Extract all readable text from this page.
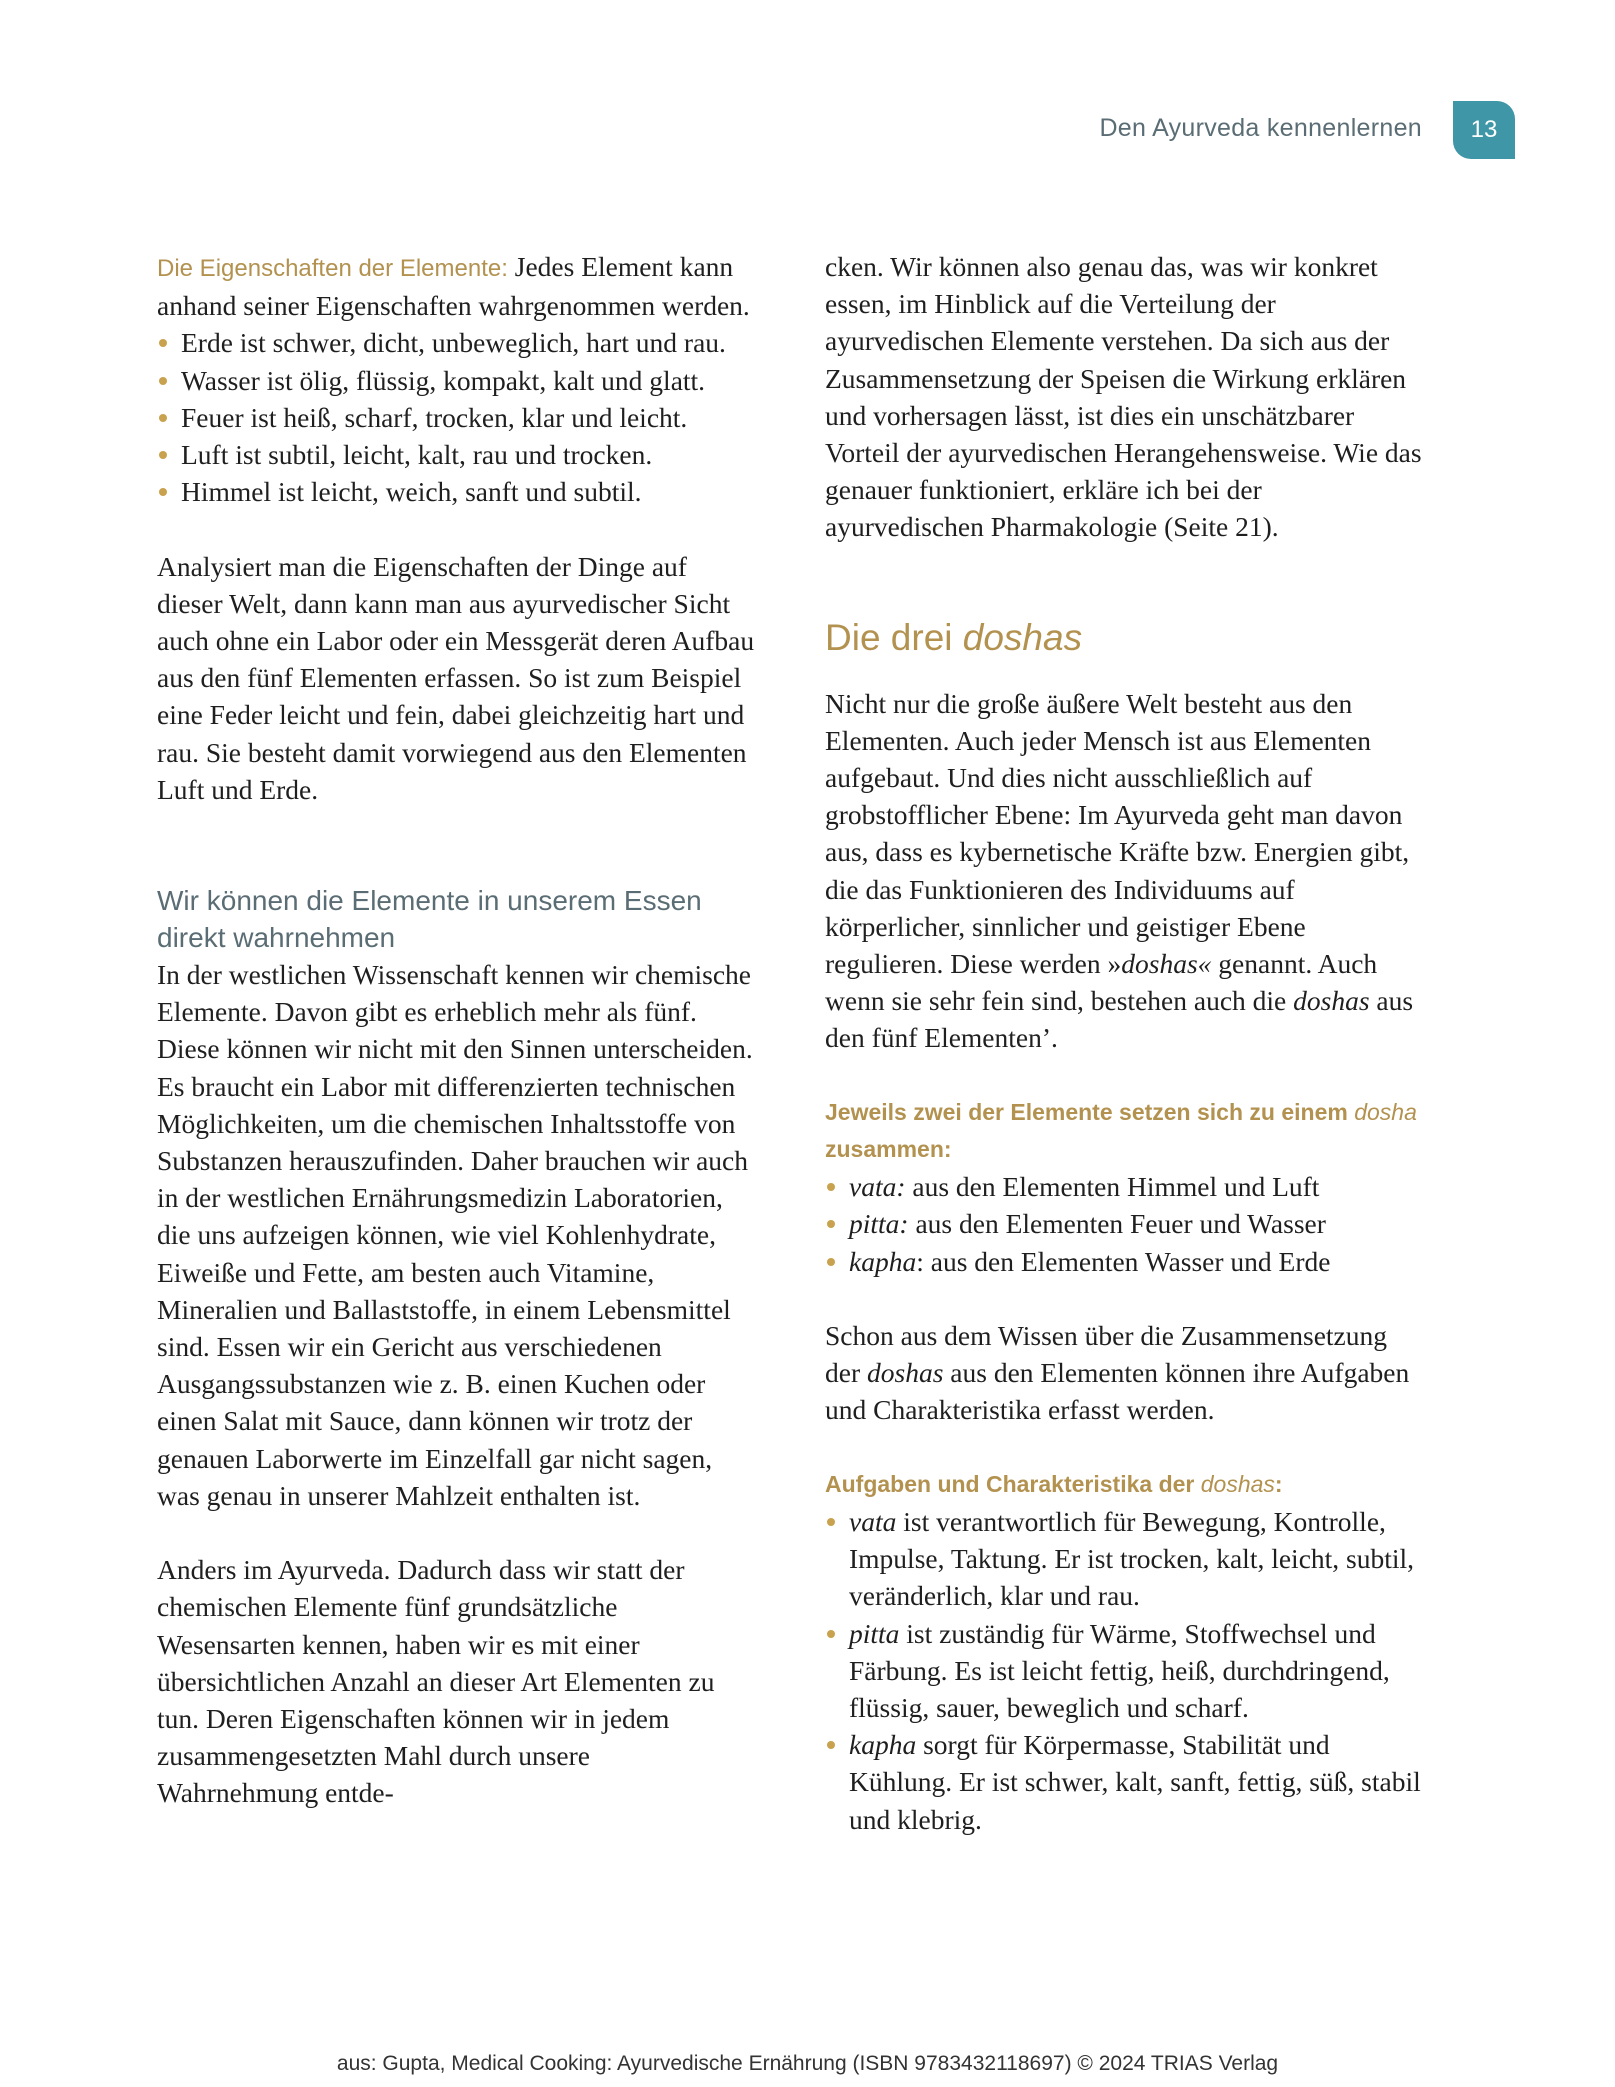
Den Ayurveda kennenlernen	13

Die Eigenschaften der Elemente: Jedes Element kann anhand seiner Eigenschaften wahrgenommen werden.

Erde ist schwer, dicht, unbeweglich, hart und rau.
Wasser ist ölig, flüssig, kompakt, kalt und glatt.
Feuer ist heiß, scharf, trocken, klar und leicht.
Luft ist subtil, leicht, kalt, rau und trocken.
Himmel ist leicht, weich, sanft und subtil.

Analysiert man die Eigenschaften der Dinge auf dieser Welt, dann kann man aus ayurvedischer Sicht auch ohne ein Labor oder ein Messgerät deren Aufbau aus den fünf Elementen erfassen. So ist zum Beispiel eine Feder leicht und fein, dabei gleichzeitig hart und rau. Sie besteht damit vorwiegend aus den Elementen Luft und Erde.

Wir können die Elemente in unserem Essen direkt wahrnehmen

In der westlichen Wissenschaft kennen wir chemische Elemente. Davon gibt es erheblich mehr als fünf. Diese können wir nicht mit den Sinnen unterscheiden. Es braucht ein Labor mit differenzierten technischen Möglichkeiten, um die chemischen Inhaltsstoffe von Substanzen herauszufinden. Daher brauchen wir auch in der westlichen Ernährungsmedizin Laboratorien, die uns aufzeigen können, wie viel Kohlenhydrate, Eiweiße und Fette, am besten auch Vitamine, Mineralien und Ballaststoffe, in einem Lebensmittel sind. Essen wir ein Gericht aus verschiedenen Ausgangssubstanzen wie z. B. einen Kuchen oder einen Salat mit Sauce, dann können wir trotz der genauen Laborwerte im Einzelfall gar nicht sagen, was genau in unserer Mahlzeit enthalten ist.

Anders im Ayurveda. Dadurch dass wir statt der chemischen Elemente fünf grundsätzliche Wesensarten kennen, haben wir es mit einer übersichtlichen Anzahl an dieser Art Elementen zu tun. Deren Eigenschaften können wir in jedem zusammengesetzten Mahl durch unsere Wahrnehmung entde-

cken. Wir können also genau das, was wir konkret essen, im Hinblick auf die Verteilung der ayurvedischen Elemente verstehen. Da sich aus der Zusammensetzung der Speisen die Wirkung erklären und vorhersagen lässt, ist dies ein unschätzbarer Vorteil der ayurvedischen Herangehensweise. Wie das genauer funktioniert, erkläre ich bei der ayurvedischen Pharmakologie (Seite 21).

Die drei doshas

Nicht nur die große äußere Welt besteht aus den Elementen. Auch jeder Mensch ist aus Elementen aufgebaut. Und dies nicht ausschließlich auf grobstofflicher Ebene: Im Ayurveda geht man davon aus, dass es kybernetische Kräfte bzw. Energien gibt, die das Funktionieren des Individuums auf körperlicher, sinnlicher und geistiger Ebene regulieren. Diese werden »doshas« genannt. Auch wenn sie sehr fein sind, bestehen auch die doshas aus den fünf Elementen’.

Jeweils zwei der Elemente setzen sich zu einem dosha zusammen:

vata: aus den Elementen Himmel und Luft
pitta: aus den Elementen Feuer und Wasser
kapha: aus den Elementen Wasser und Erde

Schon aus dem Wissen über die Zusammensetzung der doshas aus den Elementen können ihre Aufgaben und Charakteristika erfasst werden.

Aufgaben und Charakteristika der doshas:

vata ist verantwortlich für Bewegung, Kontrolle, Impulse, Taktung. Er ist trocken, kalt, leicht, subtil, veränderlich, klar und rau.
pitta ist zuständig für Wärme, Stoffwechsel und Färbung. Es ist leicht fettig, heiß, durchdringend, flüssig, sauer, beweglich und scharf.
kapha sorgt für Körpermasse, Stabilität und Kühlung. Er ist schwer, kalt, sanft, fettig, süß, stabil und klebrig.
aus: Gupta, Medical Cooking: Ayurvedische Ernährung (ISBN 9783432118697) © 2024 TRIAS Verlag
